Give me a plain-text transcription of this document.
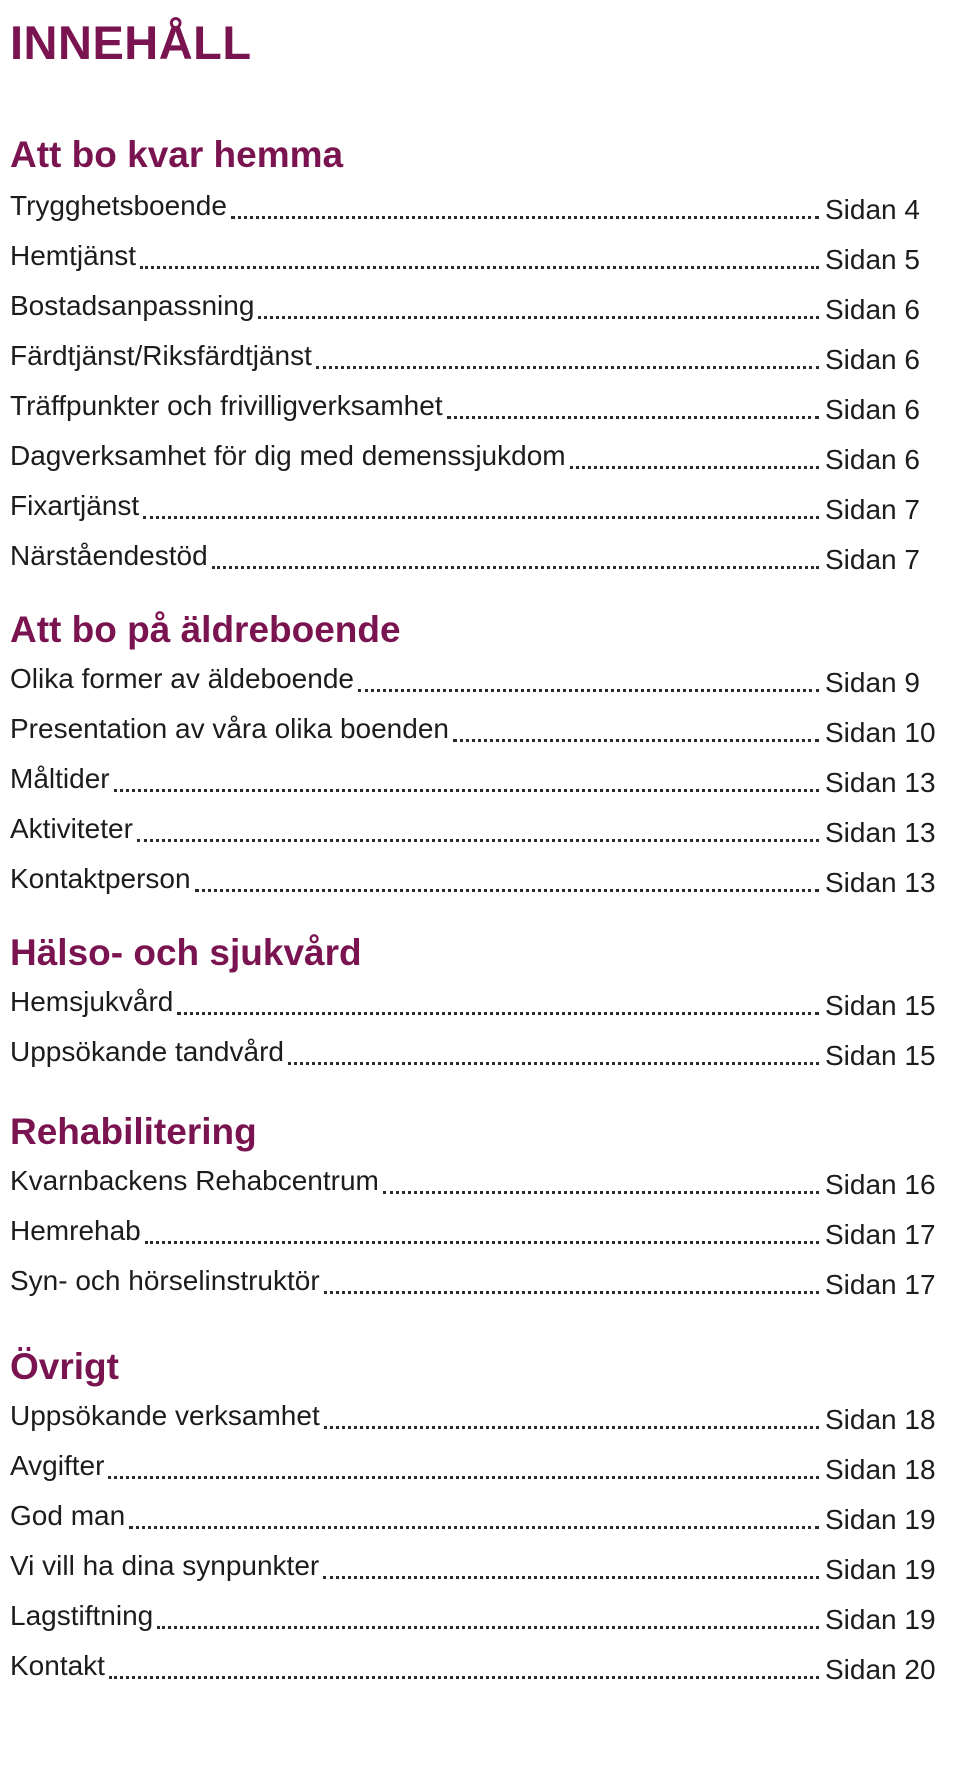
INNEHÅLL
Att bo kvar hemma
Trygghetsboende	Sidan 4
Hemtjänst	Sidan 5
Bostadsanpassning	Sidan 6
Färdtjänst/Riksfärdtjänst	Sidan 6
Träffpunkter och frivilligverksamhet	Sidan 6
Dagverksamhet för dig med demenssjukdom	Sidan 6
Fixartjänst	Sidan 7
Närståendestöd	Sidan 7
Att bo på äldreboende
Olika former av äldeboende	Sidan 9
Presentation av våra olika boenden	Sidan 10
Måltider	Sidan 13
Aktiviteter	Sidan 13
Kontaktperson	Sidan 13
Hälso- och sjukvård
Hemsjukvård	Sidan 15
Uppsökande tandvård	Sidan 15
Rehabilitering
Kvarnbackens Rehabcentrum	Sidan 16
Hemrehab	Sidan 17
Syn- och hörselinstruktör	Sidan 17
Övrigt
Uppsökande verksamhet	Sidan 18
Avgifter	Sidan 18
God man	Sidan 19
Vi vill ha dina synpunkter	Sidan 19
Lagstiftning	Sidan 19
Kontakt	Sidan 20
